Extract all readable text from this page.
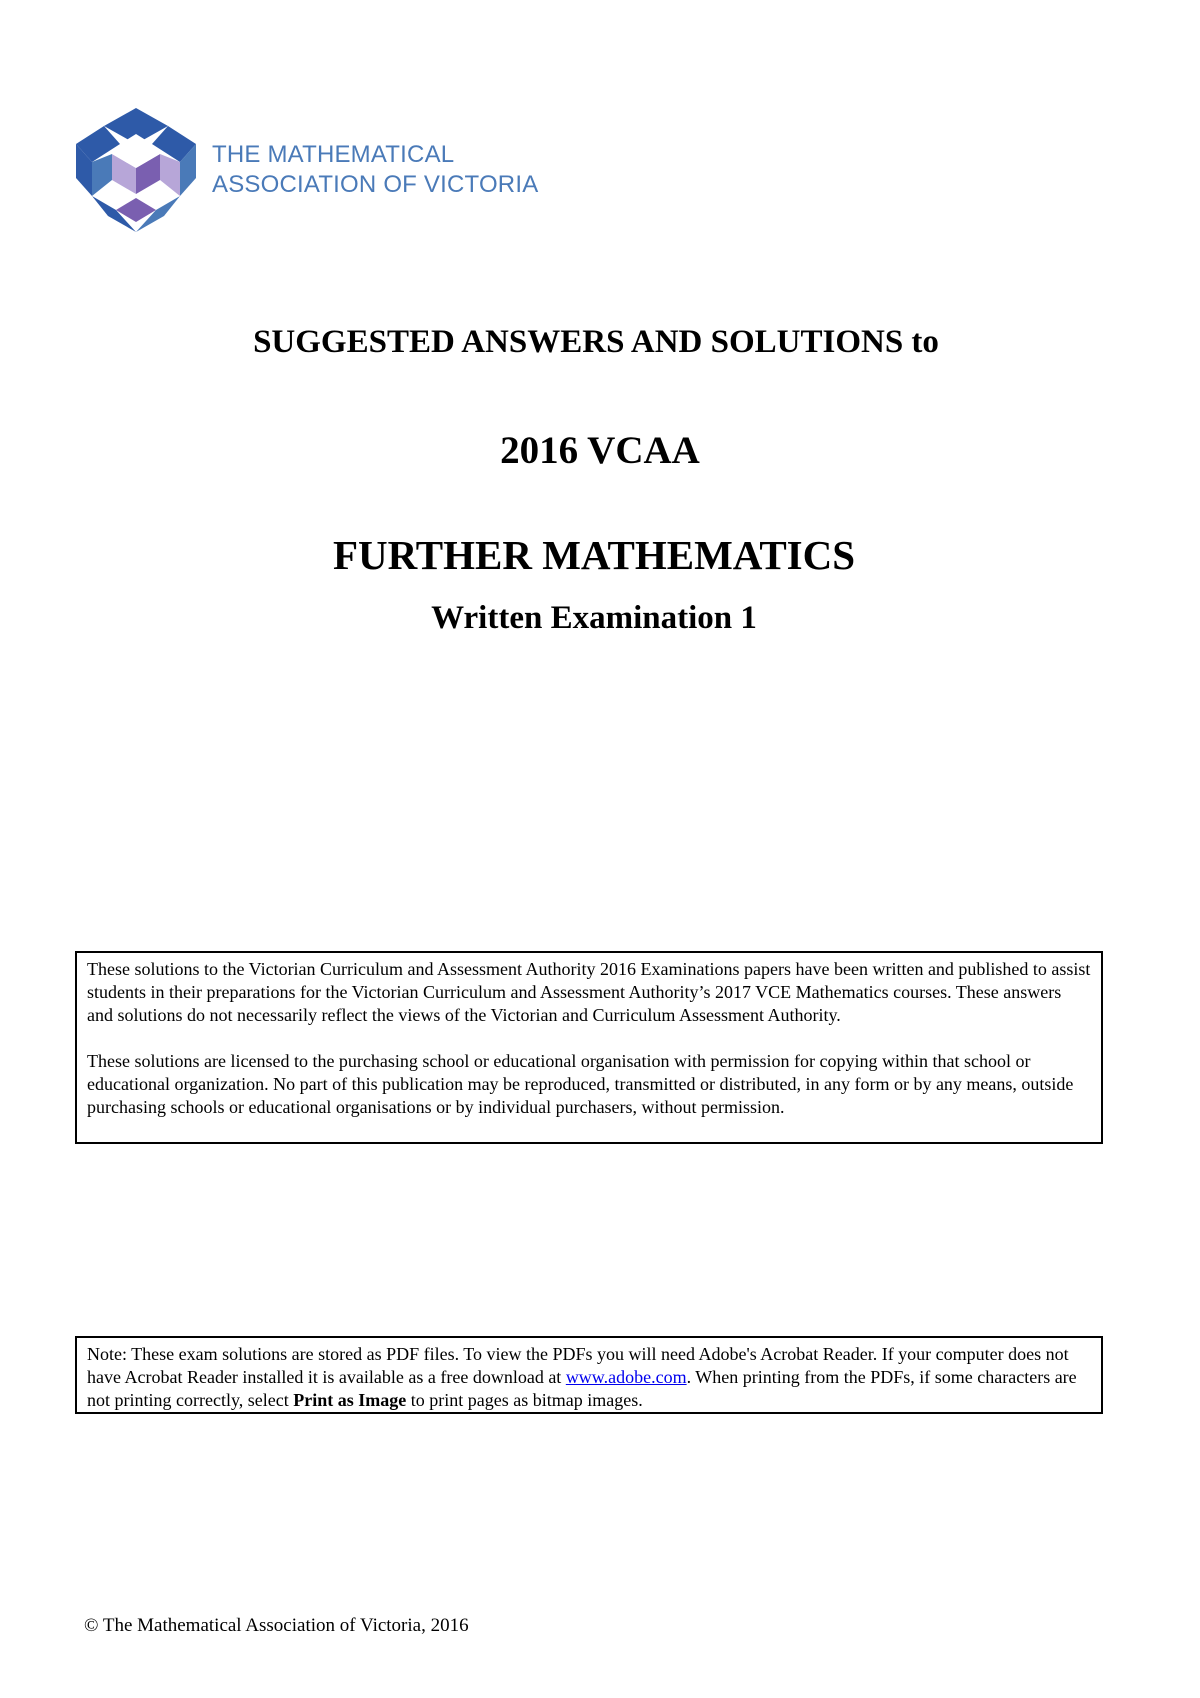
THE MATHEMATICAL
ASSOCIATION OF VICTORIA
SUGGESTED ANSWERS AND SOLUTIONS to
2016 VCAA
FURTHER MATHEMATICS
Written Examination 1

These solutions to the Victorian Curriculum and Assessment Authority 2016 Examinations papers have been written and published to assist students in their preparations for the Victorian Curriculum and Assessment Authority’s 2017 VCE Mathematics courses. These answers and solutions do not necessarily reflect the views of the Victorian and Curriculum Assessment Authority.

These solutions are licensed to the purchasing school or educational organisation with permission for copying within that school or educational organization. No part of this publication may be reproduced, transmitted or distributed, in any form or by any means, outside purchasing schools or educational organisations or by individual purchasers, without permission.

Note: These exam solutions are stored as PDF files. To view the PDFs you will need Adobe's Acrobat Reader. If your computer does not have Acrobat Reader installed it is available as a free download at www.adobe.com. When printing from the PDFs, if some characters are not printing correctly, select Print as Image to print pages as bitmap images.

© The Mathematical Association of Victoria, 2016
